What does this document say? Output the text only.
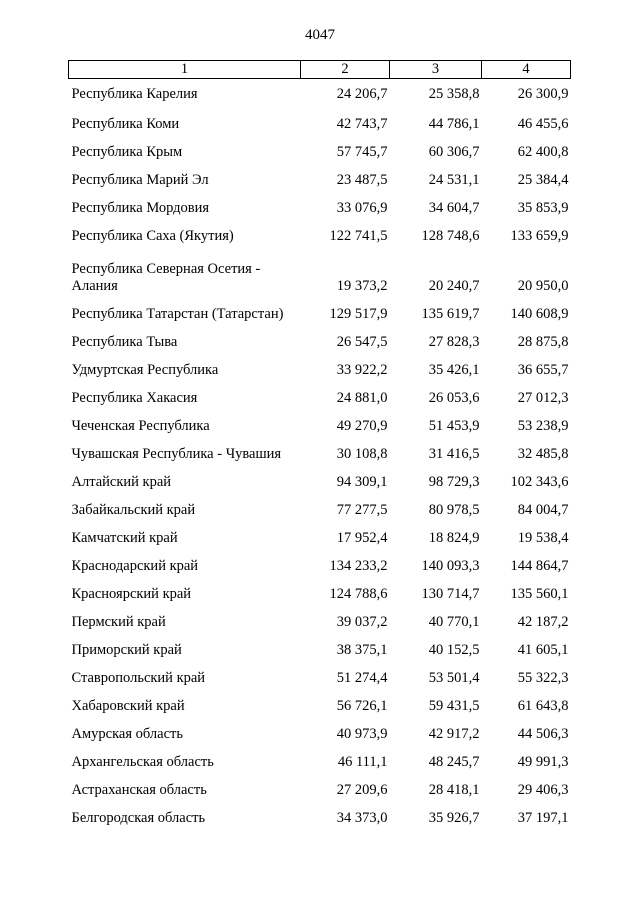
4047
1	2	3	4
Республика Карелия	24 206,7	25 358,8	26 300,9
Республика Коми	42 743,7	44 786,1	46 455,6
Республика Крым	57 745,7	60 306,7	62 400,8
Республика Марий Эл	23 487,5	24 531,1	25 384,4
Республика Мордовия	33 076,9	34 604,7	35 853,9
Республика Саха (Якутия)	122 741,5	128 748,6	133 659,9
Республика Северная Осетия - Алания	19 373,2	20 240,7	20 950,0
Республика Татарстан (Татарстан)	129 517,9	135 619,7	140 608,9
Республика Тыва	26 547,5	27 828,3	28 875,8
Удмуртская Республика	33 922,2	35 426,1	36 655,7
Республика Хакасия	24 881,0	26 053,6	27 012,3
Чеченская Республика	49 270,9	51 453,9	53 238,9
Чувашская Республика - Чувашия	30 108,8	31 416,5	32 485,8
Алтайский край	94 309,1	98 729,3	102 343,6
Забайкальский край	77 277,5	80 978,5	84 004,7
Камчатский край	17 952,4	18 824,9	19 538,4
Краснодарский край	134 233,2	140 093,3	144 864,7
Красноярский край	124 788,6	130 714,7	135 560,1
Пермский край	39 037,2	40 770,1	42 187,2
Приморский край	38 375,1	40 152,5	41 605,1
Ставропольский край	51 274,4	53 501,4	55 322,3
Хабаровский край	56 726,1	59 431,5	61 643,8
Амурская область	40 973,9	42 917,2	44 506,3
Архангельская область	46 111,1	48 245,7	49 991,3
Астраханская область	27 209,6	28 418,1	29 406,3
Белгородская область	34 373,0	35 926,7	37 197,1
